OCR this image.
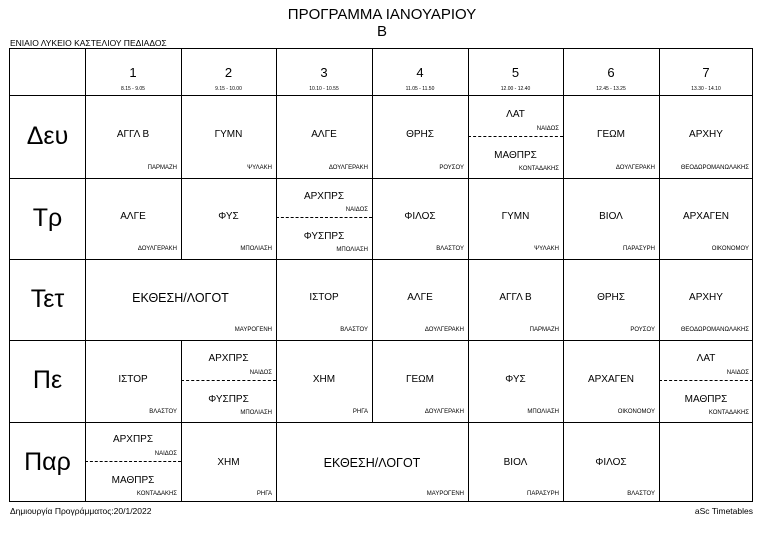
ΠΡΟΓΡΑΜΜΑ ΙΑΝΟΥΑΡΙΟΥ
Β
ΕΝΙΑΙΟ ΛΥΚΕΙΟ ΚΑΣΤΕΛΙΟΥ ΠΕΔΙΑΔΟΣ
1
8.15 - 9.05
2
9.15 - 10.00
3
10.10 - 10.55
4
11.05 - 11.50
5
12.00 - 12.40
6
12.45 - 13.25
7
13.30 - 14.10
Δευ
Τρ
Τετ
Πε
Παρ
ΑΓΓΛ Β
ΠΑΡΜΑΖΗ
ΓΥΜΝ
ΨΥΛΑΚΗ
ΑΛΓΕ
ΔΟΥΛΓΕΡΑΚΗ
ΘΡΗΣ
ΡΟΥΣΟΥ
ΛΑΤ
ΝΑΙΔΟΣ
ΜΑΘΠΡΣ
ΚΟΝΤΑΔΑΚΗΣ
ΓΕΩΜ
ΔΟΥΛΓΕΡΑΚΗ
ΑΡΧΗΥ
ΘΕΟΔΩΡΟΜΑΝΩΛΑΚΗΣ
ΑΛΓΕ
ΔΟΥΛΓΕΡΑΚΗ
ΦΥΣ
ΜΠΟΛΙΑΣΗ
ΑΡΧΠΡΣ
ΝΑΙΔΟΣ
ΦΥΣΠΡΣ
ΜΠΟΛΙΑΣΗ
ΦΙΛΟΣ
ΒΛΑΣΤΟΥ
ΓΥΜΝ
ΨΥΛΑΚΗ
ΒΙΟΛ
ΠΑΡΑΣΥΡΗ
ΑΡΧΑΓΕΝ
ΟΙΚΟΝΟΜΟΥ
ΕΚΘΕΣΗ/ΛΟΓΟΤ
ΜΑΥΡΟΓΕΝΗ
ΙΣΤΟΡ
ΒΛΑΣΤΟΥ
ΑΛΓΕ
ΔΟΥΛΓΕΡΑΚΗ
ΑΓΓΛ Β
ΠΑΡΜΑΖΗ
ΘΡΗΣ
ΡΟΥΣΟΥ
ΑΡΧΗΥ
ΘΕΟΔΩΡΟΜΑΝΩΛΑΚΗΣ
ΙΣΤΟΡ
ΒΛΑΣΤΟΥ
ΑΡΧΠΡΣ
ΝΑΙΔΟΣ
ΦΥΣΠΡΣ
ΜΠΟΛΙΑΣΗ
ΧΗΜ
ΡΗΓΑ
ΓΕΩΜ
ΔΟΥΛΓΕΡΑΚΗ
ΦΥΣ
ΜΠΟΛΙΑΣΗ
ΑΡΧΑΓΕΝ
ΟΙΚΟΝΟΜΟΥ
ΛΑΤ
ΝΑΙΔΟΣ
ΜΑΘΠΡΣ
ΚΟΝΤΑΔΑΚΗΣ
ΑΡΧΠΡΣ
ΝΑΙΔΟΣ
ΜΑΘΠΡΣ
ΚΟΝΤΑΔΑΚΗΣ
ΧΗΜ
ΡΗΓΑ
ΕΚΘΕΣΗ/ΛΟΓΟΤ
ΜΑΥΡΟΓΕΝΗ
ΒΙΟΛ
ΠΑΡΑΣΥΡΗ
ΦΙΛΟΣ
ΒΛΑΣΤΟΥ
Δημιουργία Προγράμματος:20/1/2022	aSc Timetables
